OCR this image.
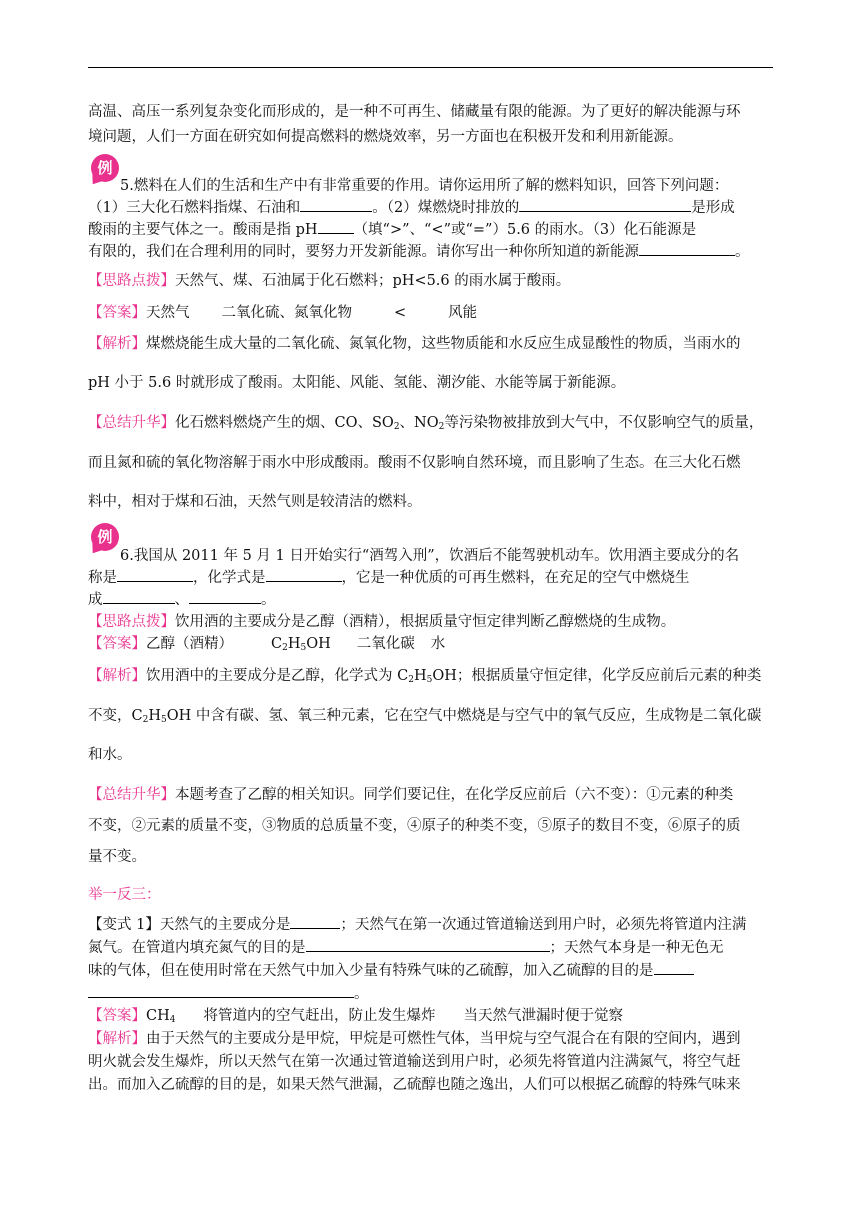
高温、高压一系列复杂变化而形成的，是一种不可再生、储藏量有限的能源。为了更好的解决能源与环
境问题，人们一方面在研究如何提高燃料的燃烧效率，另一方面也在积极开发和利用新能源。
例
5.燃料在人们的生活和生产中有非常重要的作用。请你运用所了解的燃料知识，回答下列问题：
（1）三大化石燃料指煤、石油和	。（2）煤燃烧时排放的	是形成
酸雨的主要气体之一。酸雨是指 pH （填“>”、“<”或“=”）5.6 的雨水。（3）化石能源是
有限的，我们在合理利用的同时，要努力开发新能源。请你写出一种你所知道的新能源	。
【思路点拨】天然气、煤、石油属于化石燃料；pH<5.6 的雨水属于酸雨。
【答案】天然气 二氧化硫、氮氧化物	<	风能
【解析】煤燃烧能生成大量的二氧化硫、氮氧化物，这些物质能和水反应生成显酸性的物质，当雨水的
pH 小于 5.6 时就形成了酸雨。太阳能、风能、氢能、潮汐能、水能等属于新能源。
【总结升华】化石燃料燃烧产生的烟、CO、$SO_2$、$NO_2$等污染物被排放到大气中，不仅影响空气的质量，
而且氮和硫的氧化物溶解于雨水中形成酸雨。酸雨不仅影响自然环境，而且影响了生态。在三大化石燃
料中，相对于煤和石油，天然气则是较清洁的燃料。
例
6.我国从 2011 年 5 月 1 日开始实行“酒驾入刑”，饮酒后不能驾驶机动车。饮用酒主要成分的名
称是	，化学式是	，它是一种优质的可再生燃料，在充足的空气中燃烧生
成	、	。
【思路点拨】饮用酒的主要成分是乙醇（酒精），根据质量守恒定律判断乙醇燃烧的生成物。
【答案】乙醇（酒精）	$C_2H_5OH$ 二氧化碳 水
【解析】饮用酒中的主要成分是乙醇，化学式为 $C_2H_5OH$；根据质量守恒定律，化学反应前后元素的种类
不变，$C_2H_5OH$ 中含有碳、氢、氧三种元素，它在空气中燃烧是与空气中的氧气反应，生成物是二氧化碳
和水。
【总结升华】本题考查了乙醇的相关知识。同学们要记住，在化学反应前后（六不变）：①元素的种类
不变，②元素的质量不变，③物质的总质量不变，④原子的种类不变，⑤原子的数目不变，⑥原子的质
量不变。
举一反三：
【变式 1】天然气的主要成分是	；天然气在第一次通过管道输送到用户时，必须先将管道内注满
氮气。在管道内填充氮气的目的是	；天然气本身是一种无色无
味的气体，但在使用时常在天然气中加入少量有特殊气味的乙硫醇，加入乙硫醇的目的是
。
【答案】$CH_4$ 将管道内的空气赶出，防止发生爆炸 当天然气泄漏时便于觉察
【解析】由于天然气的主要成分是甲烷，甲烷是可燃性气体，当甲烷与空气混合在有限的空间内，遇到
明火就会发生爆炸，所以天然气在第一次通过管道输送到用户时，必须先将管道内注满氮气，将空气赶
出。而加入乙硫醇的目的是，如果天然气泄漏，乙硫醇也随之逸出，人们可以根据乙硫醇的特殊气味来
